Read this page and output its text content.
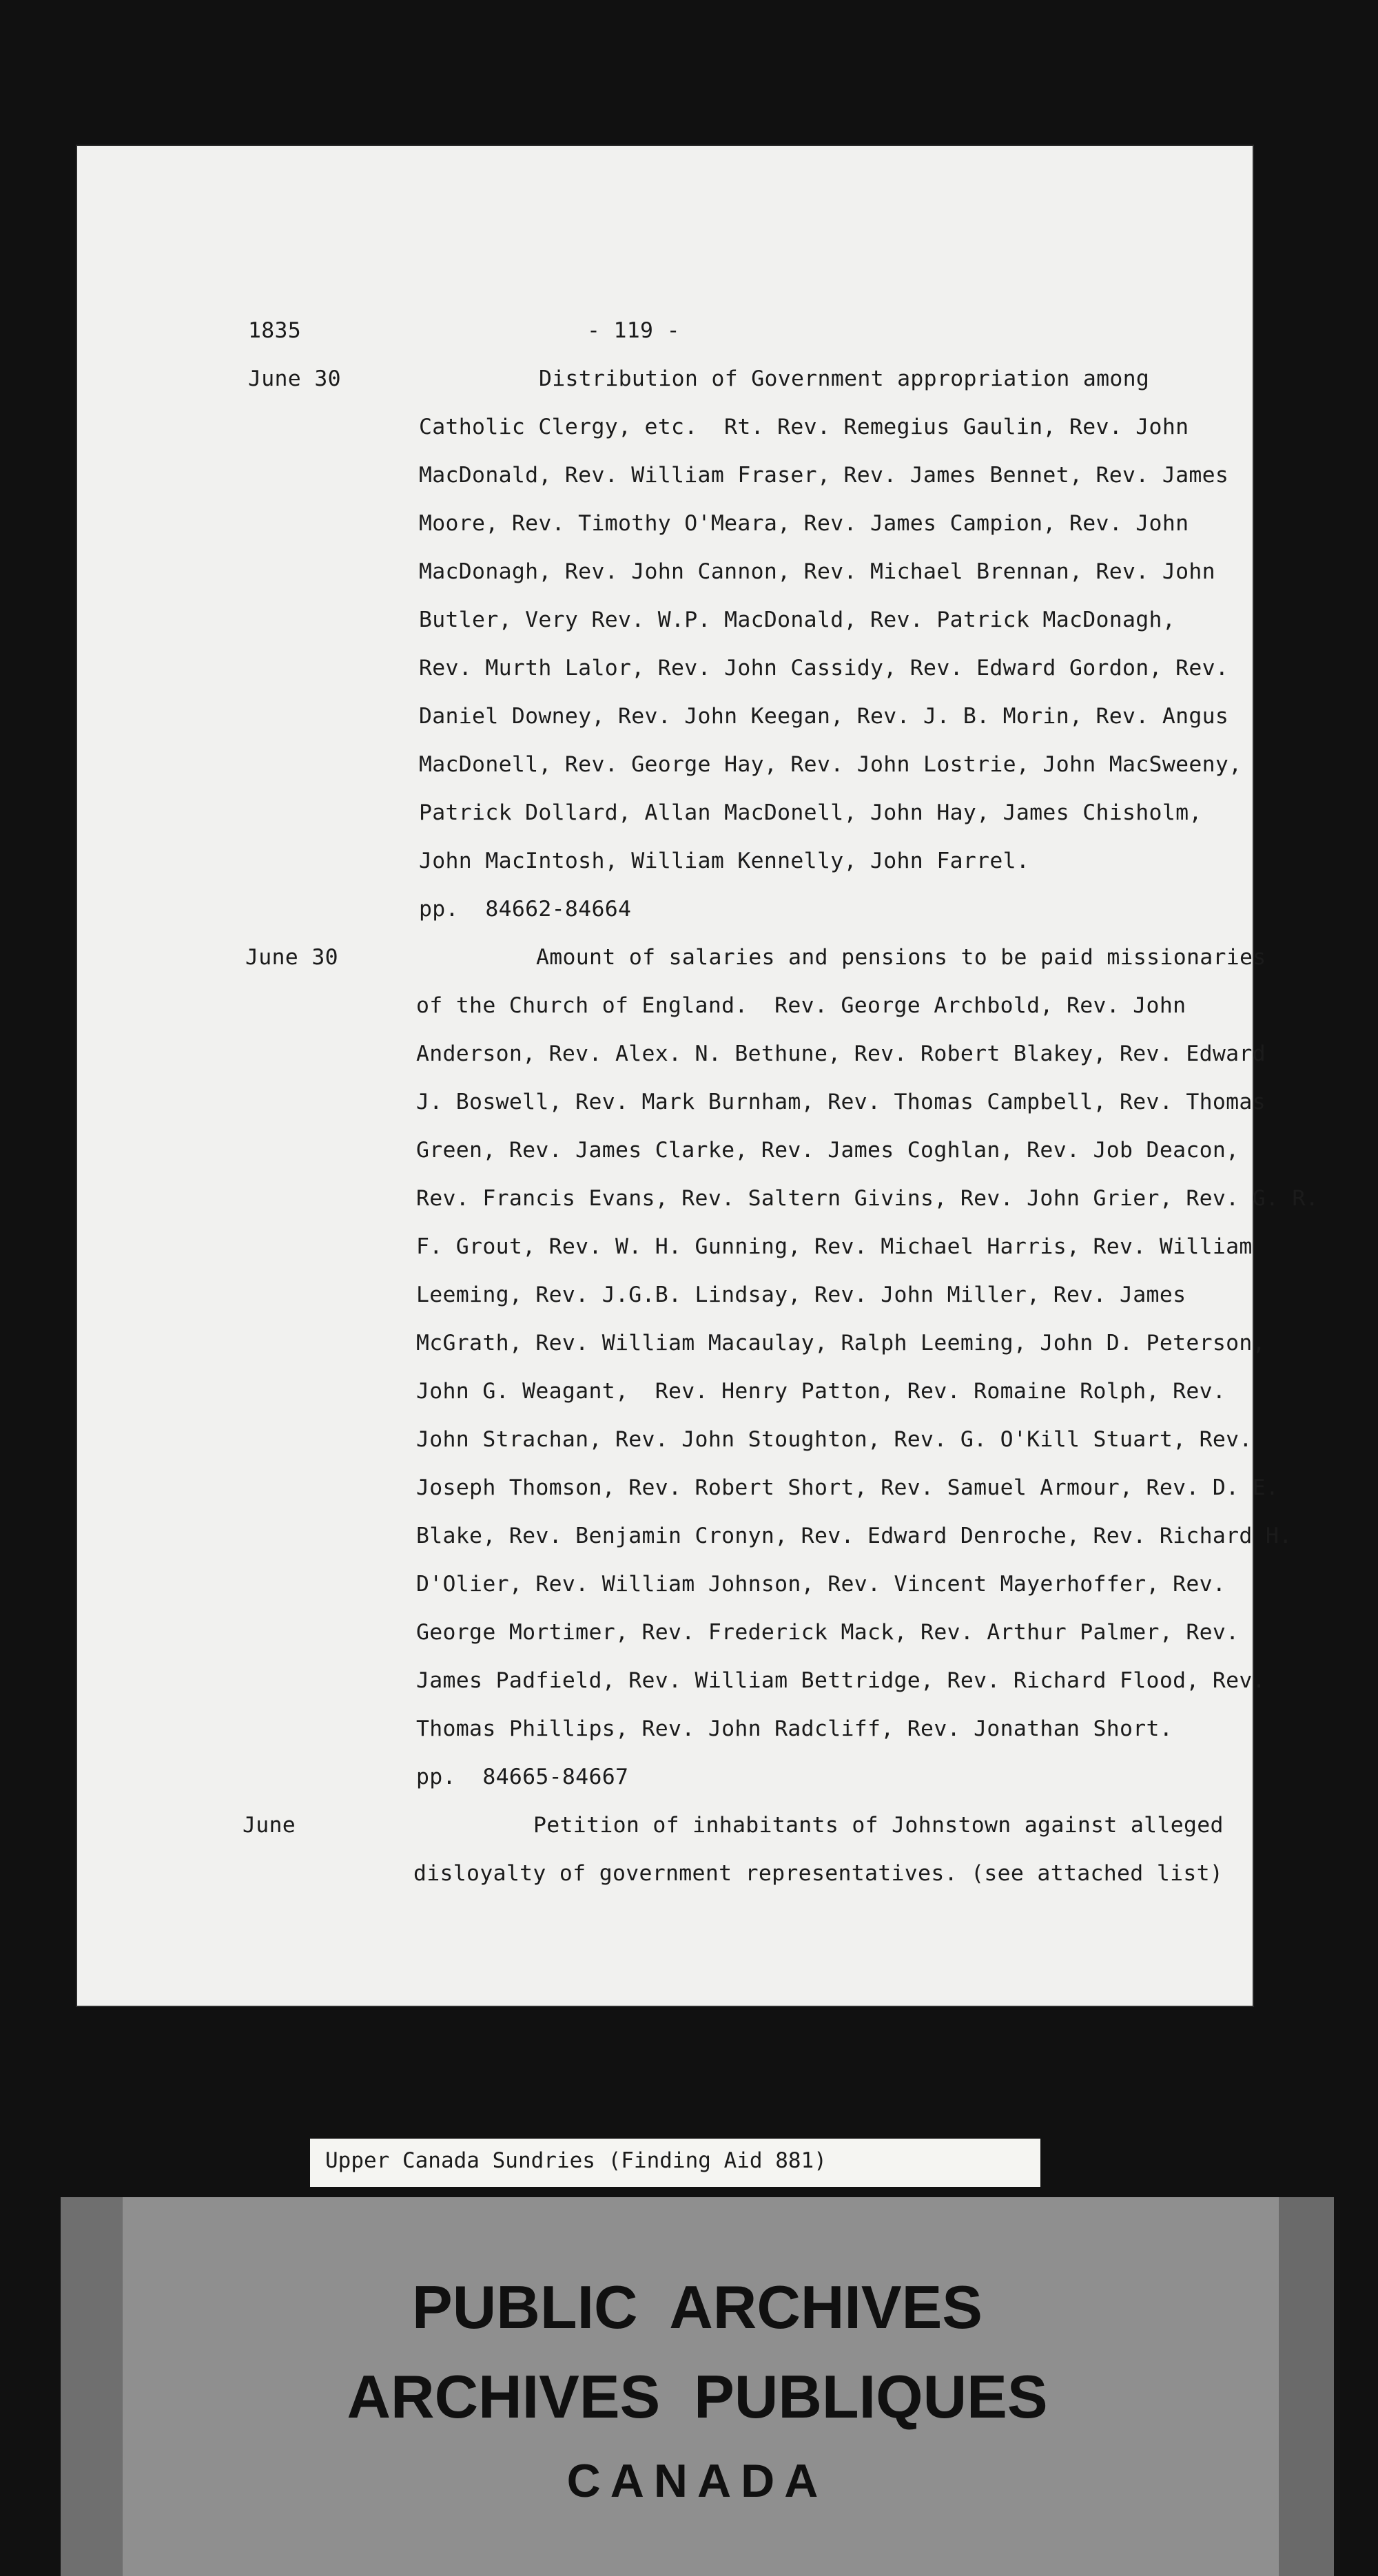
1835	- 119 -
June 30	Distribution of Government appropriation among
Catholic Clergy, etc.  Rt. Rev. Remegius Gaulin, Rev. John
MacDonald, Rev. William Fraser, Rev. James Bennet, Rev. James
Moore, Rev. Timothy O'Meara, Rev. James Campion, Rev. John
MacDonagh, Rev. John Cannon, Rev. Michael Brennan, Rev. John
Butler, Very Rev. W.P. MacDonald, Rev. Patrick MacDonagh,
Rev. Murth Lalor, Rev. John Cassidy, Rev. Edward Gordon, Rev.
Daniel Downey, Rev. John Keegan, Rev. J. B. Morin, Rev. Angus
MacDonell, Rev. George Hay, Rev. John Lostrie, John MacSweeny,
Patrick Dollard, Allan MacDonell, John Hay, James Chisholm,
John MacIntosh, William Kennelly, John Farrel.
pp.  84662-84664
June 30	Amount of salaries and pensions to be paid missionaries
of the Church of England.  Rev. George Archbold, Rev. John
Anderson, Rev. Alex. N. Bethune, Rev. Robert Blakey, Rev. Edward
J. Boswell, Rev. Mark Burnham, Rev. Thomas Campbell, Rev. Thomas
Green, Rev. James Clarke, Rev. James Coghlan, Rev. Job Deacon,
Rev. Francis Evans, Rev. Saltern Givins, Rev. John Grier, Rev. G. R.
F. Grout, Rev. W. H. Gunning, Rev. Michael Harris, Rev. William
Leeming, Rev. J.G.B. Lindsay, Rev. John Miller, Rev. James
McGrath, Rev. William Macaulay, Ralph Leeming, John D. Peterson,
John G. Weagant,  Rev. Henry Patton, Rev. Romaine Rolph, Rev.
John Strachan, Rev. John Stoughton, Rev. G. O'Kill Stuart, Rev.
Joseph Thomson, Rev. Robert Short, Rev. Samuel Armour, Rev. D. E.
Blake, Rev. Benjamin Cronyn, Rev. Edward Denroche, Rev. Richard H.
D'Olier, Rev. William Johnson, Rev. Vincent Mayerhoffer, Rev.
George Mortimer, Rev. Frederick Mack, Rev. Arthur Palmer, Rev.
James Padfield, Rev. William Bettridge, Rev. Richard Flood, Rev.
Thomas Phillips, Rev. John Radcliff, Rev. Jonathan Short.
pp.  84665-84667
June	Petition of inhabitants of Johnstown against alleged
disloyalty of government representatives. (see attached list)
Upper Canada Sundries (Finding Aid 881)
PUBLIC  ARCHIVES
ARCHIVES  PUBLIQUES
CANADA
